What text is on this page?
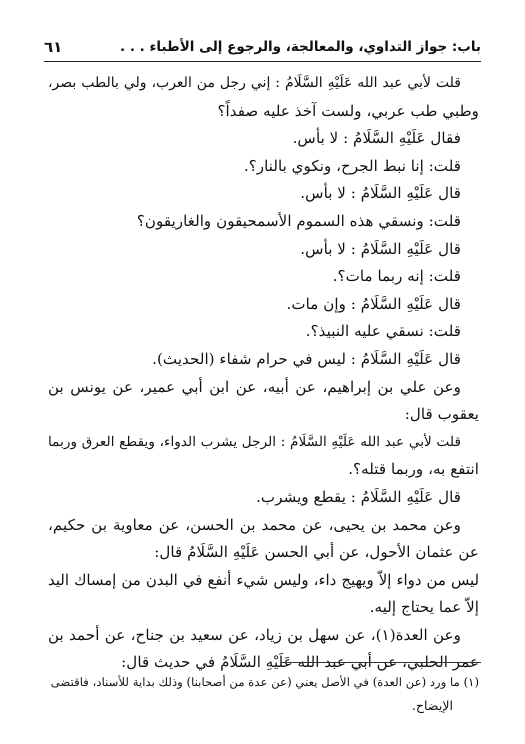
باب: جواز التداوي، والمعالجة، والرجوع إلى الأطباء . . .
٦١
قلت لأبي عبد الله عَلَيْهِ السَّلَامُ : إني رجل من العرب، ولي بالطب بصر،
وطبي طب عربي، ولست آخذ عليه صفداً؟
فقال عَلَيْهِ السَّلَامُ : لا بأس.
قلت: إنا نبط الجرح، ونكوي بالنار؟.
قال عَلَيْهِ السَّلَامُ : لا بأس.
قلت: ونسقي هذه السموم الأسمحيقون والغاريقون؟
قال عَلَيْهِ السَّلَامُ : لا بأس.
قلت: إنه ربما مات؟.
قال عَلَيْهِ السَّلَامُ : وإن مات.
قلت: نسقي عليه النبيذ؟.
قال عَلَيْهِ السَّلَامُ : ليس في حرام شفاء (الحديث).
وعن علي بن إبراهيم، عن أبيه، عن ابن أبي عمير، عن يونس بن
يعقوب قال:
قلت لأبي عبد الله عَلَيْهِ السَّلَامُ : الرجل يشرب الدواء، ويقطع العرق وربما
انتفع به، وربما قتله؟.
قال عَلَيْهِ السَّلَامُ : يقطع ويشرب.
وعن محمد بن يحيى، عن محمد بن الحسن، عن معاوية بن حكيم،
عن عثمان الأحول، عن أبي الحسن عَلَيْهِ السَّلَامُ قال:
ليس من دواء إلاّ ويهيج داء، وليس شيء أنفع في البدن من إمساك اليد
إلاّ عما يحتاج إليه.
وعن العدة(١)، عن سهل بن زياد، عن سعيد بن جناح، عن أحمد بن
عمر الحلبي، عن أبي عبد الله عَلَيْهِ السَّلَامُ في حديث قال:
(١) ما ورد (عن العدة) في الأصل يعني (عن عدة من أصحابنا) وذلك بداية للأسناد، فاقتضى
الإيضاح.
